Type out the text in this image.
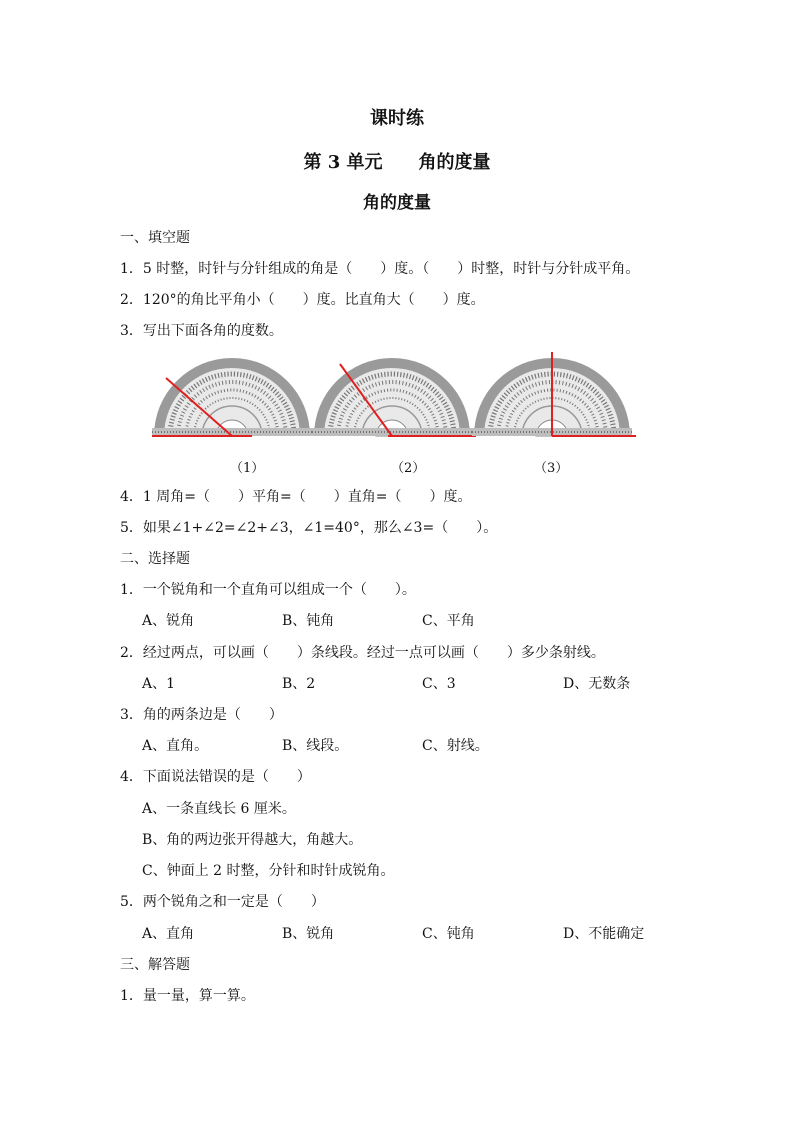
课时练
第 3 单元　　角的度量
角的度量
一、填空题
1．5 时整，时针与分针组成的角是（　　）度。（　　）时整，时针与分针成平角。
2．120°的角比平角小（　　）度。比直角大（　　）度。
3．写出下面各角的度数。
（1）	（2）	（3）
4．1 周角=（　　）平角=（　　）直角=（　　）度。
5．如果∠1+∠2=∠2+∠3，∠1=40°，那么∠3=（　　）。
二、选择题
1．一个锐角和一个直角可以组成一个（　　）。
A、锐角	B、钝角	C、平角
2．经过两点，可以画（　　）条线段。经过一点可以画（　　）多少条射线。
A、1	B、2	C、3	D、无数条
3．角的两条边是（　　）
A、直角。	B、线段。	C、射线。
4．下面说法错误的是（　　）
A、一条直线长 6 厘米。
B、角的两边张开得越大，角越大。
C、钟面上 2 时整，分针和时针成锐角。
5．两个锐角之和一定是（　　）
A、直角	B、锐角	C、钝角	D、不能确定
三、解答题
1．量一量，算一算。
